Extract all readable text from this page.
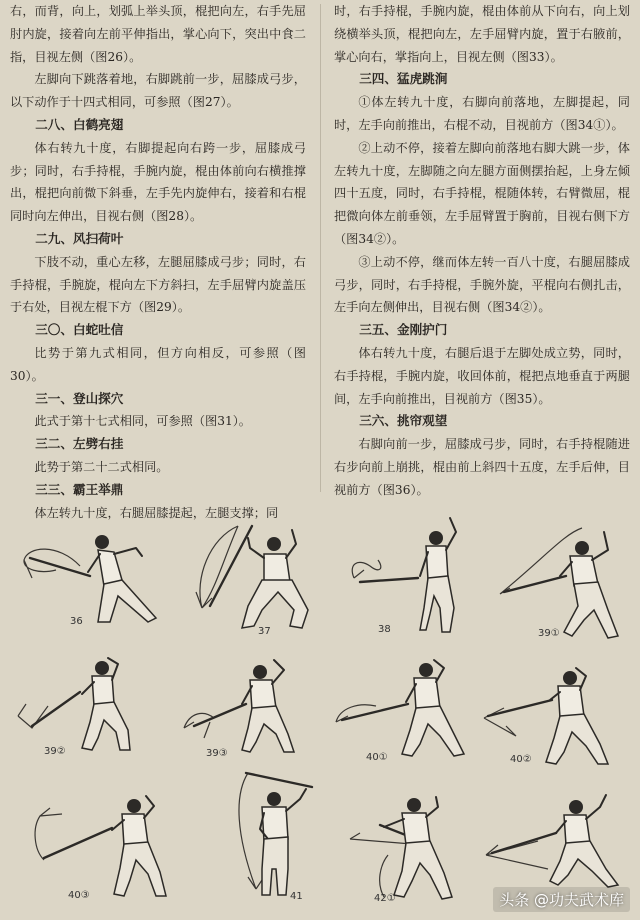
右，而背，向上，划弧上举头顶，棍把向左，右手先屈肘内旋，接着向左前平伸指出，掌心向下，突出中食二指，目视左侧（图26）。

左脚向下跳落着地，右脚跳前一步，屈膝成弓步，以下动作于十四式相同，可参照（图27）。

二八、白鹤亮翅

体右转九十度，右脚提起向右跨一步，屈膝成弓步；同时，右手持棍，手腕内旋，棍由体前向右横推撑出，棍把向前微下斜垂，左手先内旋伸右，接着和右棍同时向左伸出，目视右侧（图28）。

二九、风扫荷叶

下肢不动，重心左移，左腿屈膝成弓步；同时，右手持棍，手腕旋，棍向左下方斜扫，左手屈臂内旋盖压于右处，目视左棍下方（图29）。

三〇、白蛇吐信

比势于第九式相同，但方向相反，可参照（图30）。

三一、登山探穴

此式于第十七式相同，可参照（图31）。

三二、左劈右挂

此势于第二十二式相同。

三三、霸王举鼎

体左转九十度，右腿屈膝提起，左腿支撑；同

时，右手持棍，手腕内旋，棍由体前从下向右，向上划绕横举头顶，棍把向左，左手屈臂内旋，置于右腋前，掌心向右，掌指向上，目视左侧（图33）。

三四、猛虎跳涧

①体左转九十度，右脚向前落地，左脚提起，同时，左手向前推出，右棍不动，目视前方（图34①）。

②上动不停，接着左脚向前落地右脚大跳一步，体左转九十度，左脚随之向左腿方面侧摆抬起，上身左倾四十五度，同时，右手持棍，棍随体转，右臂微屈，棍把微向体左前垂领，左手屈臂置于胸前，目视右侧下方（图34②）。

③上动不停，继而体左转一百八十度，右腿屈膝成弓步，同时，右手持棍，手腕外旋，平棍向右侧扎击，左手向左侧伸出，目视右侧（图34②）。

三五、金刚护门

体右转九十度，右腿后退于左脚处成立势，同时，右手持棍，手腕内旋，收回体前，棍把点地垂直于两腿间，左手向前推出，目视前方（图35）。

三六、挑帘观望

右脚向前一步，屈膝成弓步，同时，右手持棍随进右步向前上崩挑，棍由前上斜四十五度，左手后伸，目视前方（图36）。

36
37	38	39①
39②	39③	40①	40②
40③	41	42①	头条 @功夫武术库
